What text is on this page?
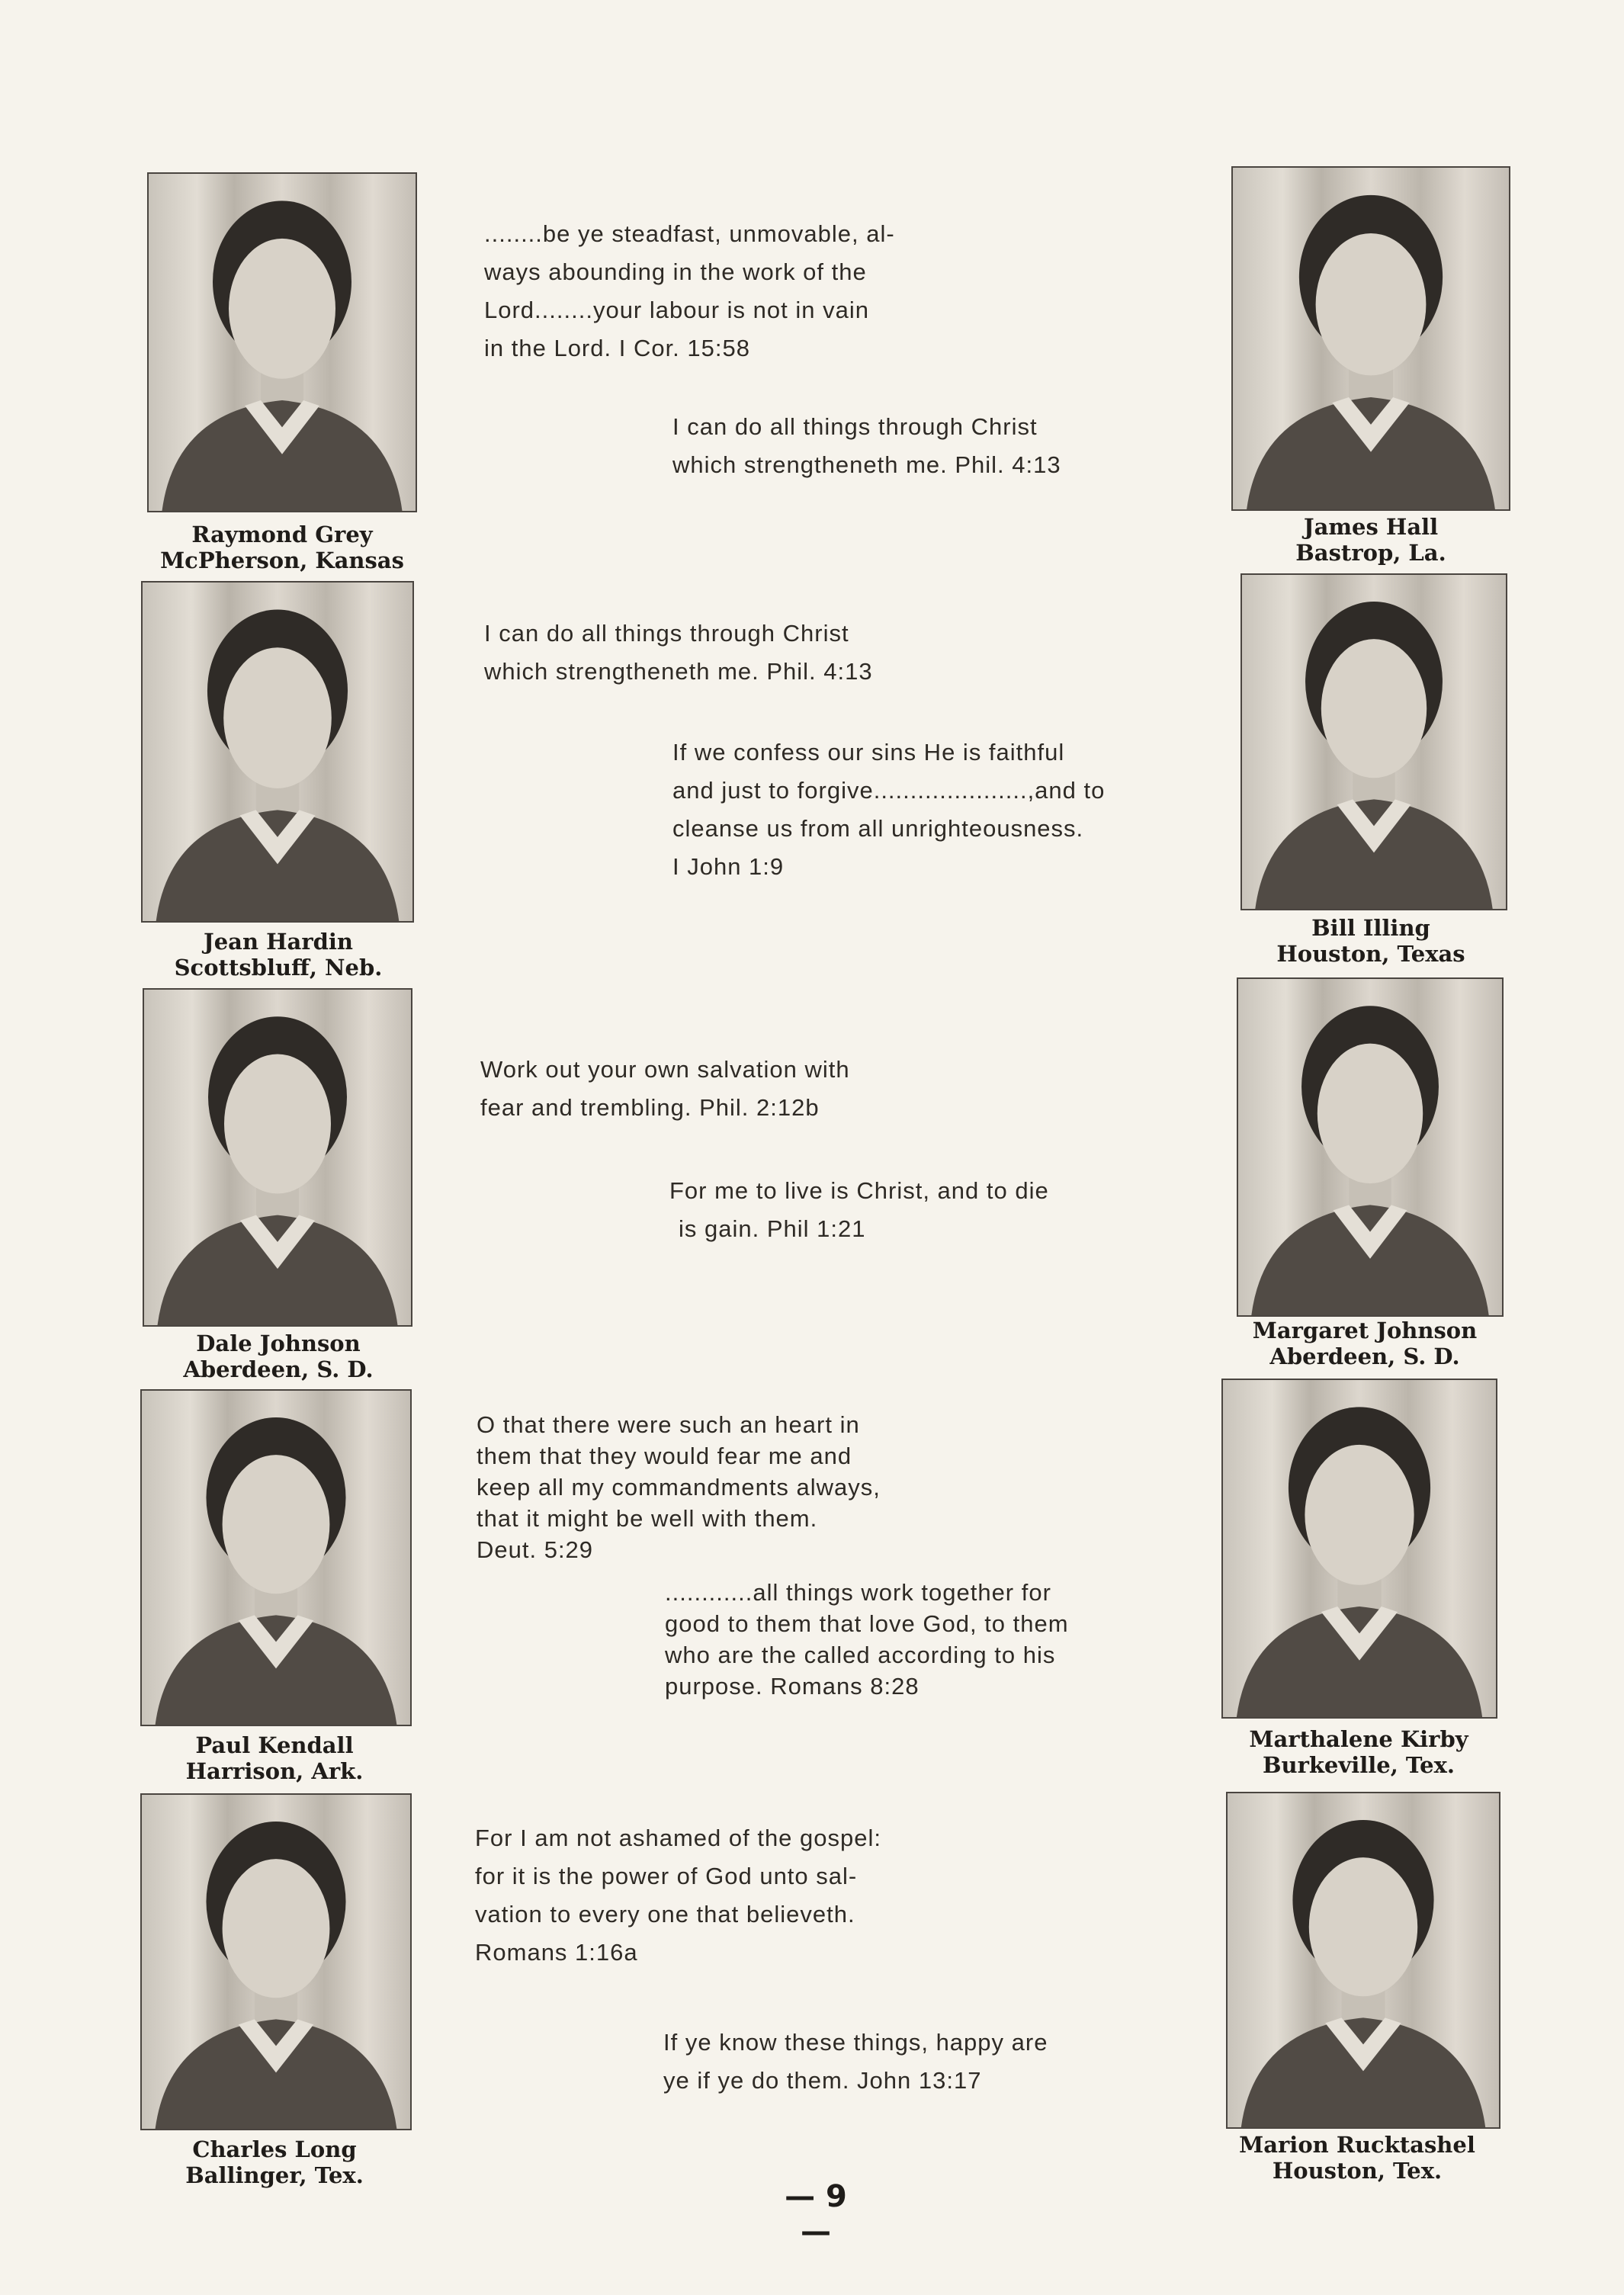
Raymond Grey
McPherson, Kansas
Jean Hardin
Scottsbluff, Neb.
Dale Johnson
Aberdeen, S. D.
Paul Kendall
Harrison, Ark.
Charles Long
Ballinger, Tex.
James Hall
Bastrop, La.
Bill Illing
Houston, Texas
Margaret Johnson
Aberdeen, S. D.
Marthalene Kirby
Burkeville, Tex.
Marion Rucktashel
Houston, Tex.

........be ye steadfast, unmovable, al-

ways abounding in the work of the

Lord........your labour is not in vain

in the Lord. I Cor. 15:58

I can do all things through Christ

which strengtheneth me. Phil. 4:13

I can do all things through Christ

which strengtheneth me. Phil. 4:13

If we confess our sins He is faithful

and just to forgive.....................,and to

cleanse us from all unrighteousness.

I John 1:9

Work out your own salvation with

fear and trembling. Phil. 2:12b

For me to live is Christ, and to die

is gain. Phil 1:21

O that there were such an heart in

them that they would fear me and

keep all my commandments always,

that it might be well with them.

Deut. 5:29

............all things work together for

good to them that love God, to them

who are the called according to his

purpose. Romans 8:28

For I am not ashamed of the gospel:

for it is the power of God unto sal-

vation to every one that believeth.

Romans 1:16a

If ye know these things, happy are

ye if ye do them. John 13:17

— 9 —
